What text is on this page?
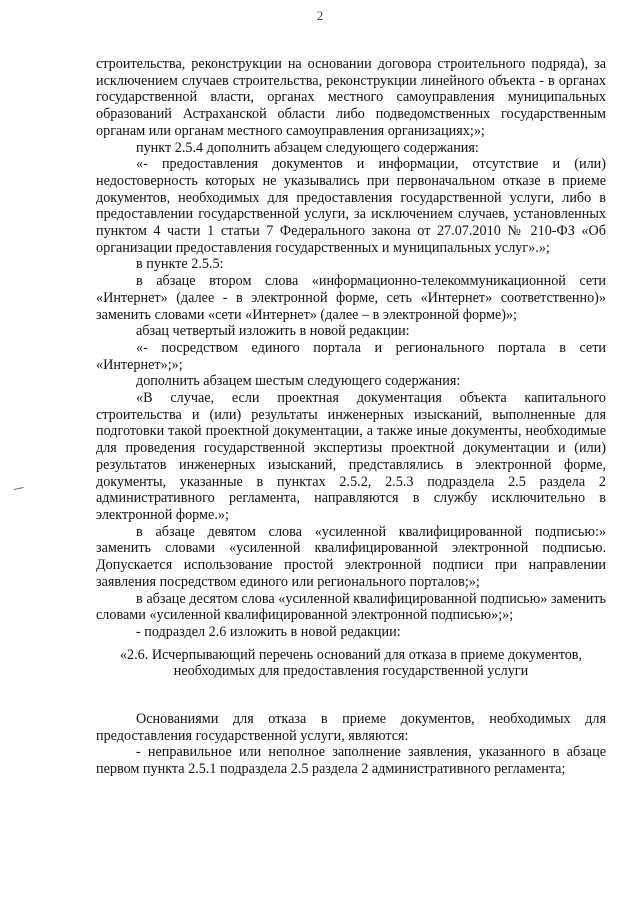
2

строительства, реконструкции на основании договора строительного подряда), за исключением случаев строительства, реконструкции линейного объекта - в органах государственной власти, органах местного самоуправления муниципальных образований Астраханской области либо подведомственных государственным органам или органам местного самоуправления организациях;»;

пункт 2.5.4 дополнить абзацем следующего содержания:

«- предоставления документов и информации, отсутствие и (или) недостоверность которых не указывались при первоначальном отказе в приеме документов, необходимых для предоставления государственной услуги, либо в предоставлении государственной услуги, за исключением случаев, установленных пунктом 4 части 1 статьи 7 Федерального закона от 27.07.2010 № 210-ФЗ «Об организации предоставления государственных и муниципальных услуг».»;

в пункте 2.5.5:

в абзаце втором слова «информационно-телекоммуникационной сети «Интернет» (далее - в электронной форме, сеть «Интернет» соответственно)» заменить словами «сети «Интернет» (далее – в электронной форме)»;

абзац четвертый изложить в новой редакции:

«- посредством единого портала и регионального портала в сети «Интернет»;»;

дополнить абзацем шестым следующего содержания:

«В случае, если проектная документация объекта капитального строительства и (или) результаты инженерных изысканий, выполненные для подготовки такой проектной документации, а также иные документы, необходимые для проведения государственной экспертизы проектной документации и (или) результатов инженерных изысканий, представлялись в электронной форме, документы, указанные в пунктах 2.5.2, 2.5.3 подраздела 2.5 раздела 2 административного регламента, направляются в службу исключительно в электронной форме.»;

в абзаце девятом слова «усиленной квалифицированной подписью:» заменить словами «усиленной квалифицированной электронной подписью. Допускается использование простой электронной подписи при направлении заявления посредством единого или регионального порталов;»;

в абзаце десятом слова «усиленной квалифицированной подписью» заменить словами «усиленной квалифицированной электронной подписью»;»;

- подраздел 2.6 изложить в новой редакции:

«2.6. Исчерпывающий перечень оснований для отказа в приеме документов, необходимых для предоставления государственной услуги

Основаниями для отказа в приеме документов, необходимых для предоставления государственной услуги, являются:

- неправильное или неполное заполнение заявления, указанного в абзаце первом пункта 2.5.1 подраздела 2.5 раздела 2 административного регламента;
